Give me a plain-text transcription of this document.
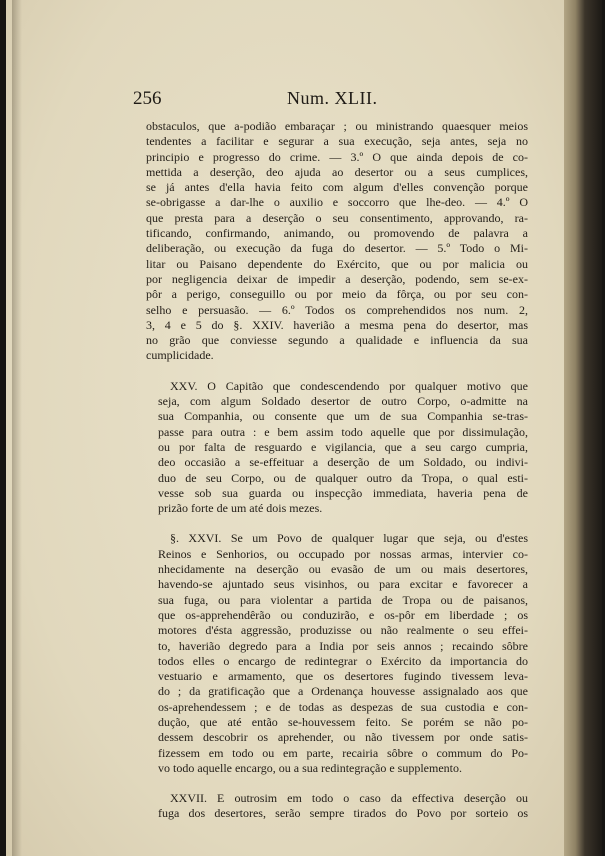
256	Num. XLII.
obstaculos, que a-podião embaraçar ; ou ministrando quaesquer meios
tendentes a facilitar e segurar a sua execução, seja antes, seja no
principio e progresso do crime. — 3.º O que ainda depois de co-
mettida a deserção, deo ajuda ao desertor ou a seus cumplices,
se já antes d'ella havia feito com algum d'elles convenção porque
se-obrigasse a dar-lhe o auxilio e soccorro que lhe-deo. — 4.º O
que presta para a deserção o seu consentimento, approvando, ra-
tificando, confirmando, animando, ou promovendo de palavra a
deliberação, ou execução da fuga do desertor. — 5.º Todo o Mi-
litar ou Paisano dependente do Exército, que ou por malicia ou
por negligencia deixar de impedir a deserção, podendo, sem se-ex-
pôr a perigo, conseguillo ou por meio da fôrça, ou por seu con-
selho e persuasão. — 6.º Todos os comprehendidos nos num. 2,
3, 4 e 5 do §. XXIV. haverião a mesma pena do desertor, mas
no grão que conviesse segundo a qualidade e influencia da sua
cumplicidade.
XXV. O Capitão que condescendendo por qualquer motivo que
seja, com algum Soldado desertor de outro Corpo, o-admitte na
sua Companhia, ou consente que um de sua Companhia se-tras-
passe para outra : e bem assim todo aquelle que por dissimulação,
ou por falta de resguardo e vigilancia, que a seu cargo cumpria,
deo occasião a se-effeituar a deserção de um Soldado, ou indivi-
duo de seu Corpo, ou de qualquer outro da Tropa, o qual esti-
vesse sob sua guarda ou inspecção immediata, haveria pena de
prizão forte de um até dois mezes.
§. XXVI. Se um Povo de qualquer lugar que seja, ou d'estes
Reinos e Senhorios, ou occupado por nossas armas, intervier co-
nhecidamente na deserção ou evasão de um ou mais desertores,
havendo-se ajuntado seus visinhos, ou para excitar e favorecer a
sua fuga, ou para violentar a partida de Tropa ou de paisanos,
que os-apprehendêrão ou conduzirão, e os-pôr em liberdade ; os
motores d'ésta aggressão, produzisse ou não realmente o seu effei-
to, haverião degredo para a India por seis annos ; recaindo sôbre
todos elles o encargo de redintegrar o Exército da importancia do
vestuario e armamento, que os desertores fugindo tivessem leva-
do ; da gratificação que a Ordenança houvesse assignalado aos que
os-aprehendessem ; e de todas as despezas de sua custodia e con-
dução, que até então se-houvessem feito. Se porém se não po-
dessem descobrir os aprehender, ou não tivessem por onde satis-
fizessem em todo ou em parte, recairia sôbre o commum do Po-
vo todo aquelle encargo, ou a sua redintegração e supplemento.
XXVII. E outrosim em todo o caso da effectiva deserção ou
fuga dos desertores, serão sempre tirados do Povo por sorteio os
